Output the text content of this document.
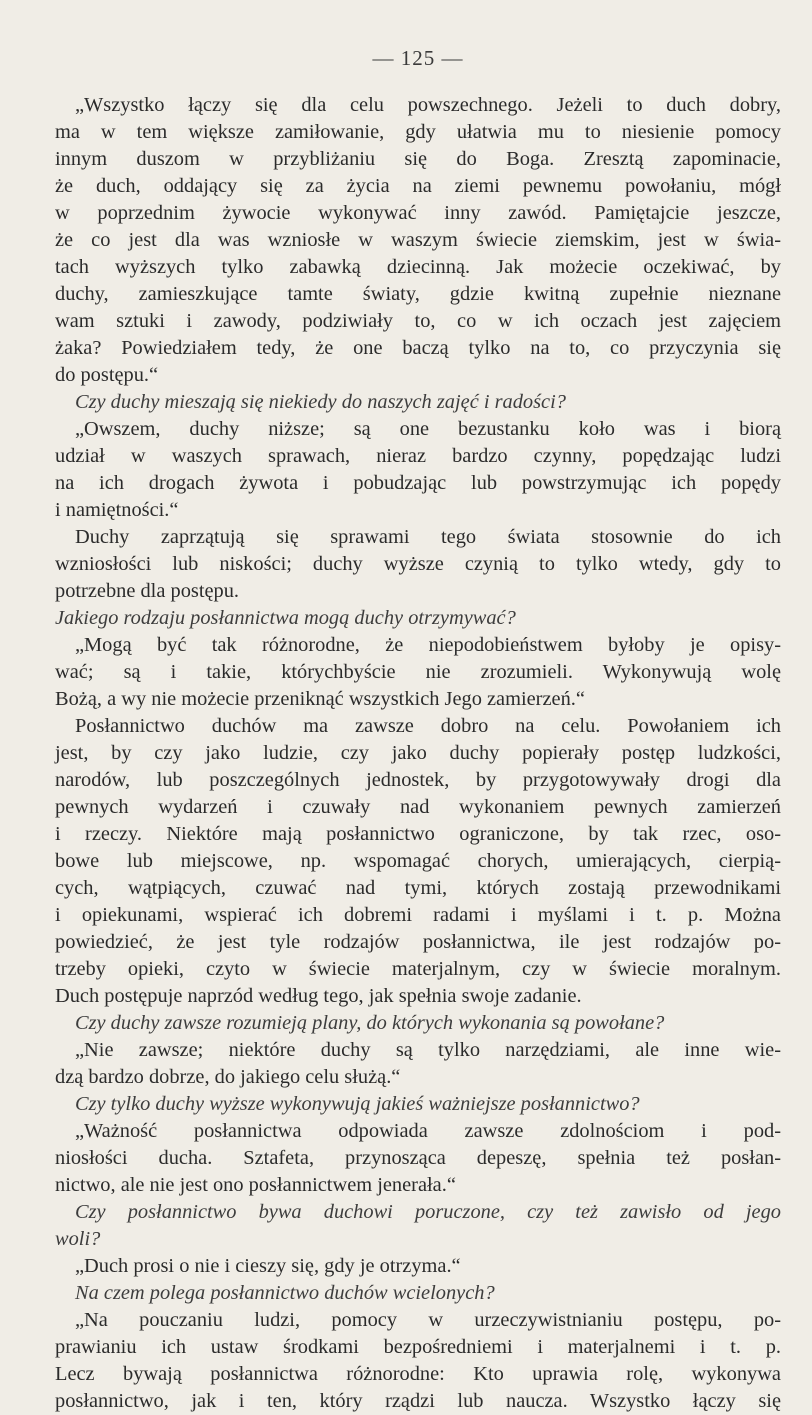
— 125 —
„Wszystko łączy się dla celu powszechnego. Jeżeli to duch dobry,
ma w tem większe zamiłowanie, gdy ułatwia mu to niesienie pomocy
innym duszom w przybliżaniu się do Boga. Zresztą zapominacie,
że duch, oddający się za życia na ziemi pewnemu powołaniu, mógł
w poprzednim żywocie wykonywać inny zawód. Pamiętajcie jeszcze,
że co jest dla was wzniosłe w waszym świecie ziemskim, jest w świa-
tach wyższych tylko zabawką dziecinną. Jak możecie oczekiwać, by
duchy, zamieszkujące tamte światy, gdzie kwitną zupełnie nieznane
wam sztuki i zawody, podziwiały to, co w ich oczach jest zajęciem
żaka? Powiedziałem tedy, że one baczą tylko na to, co przyczynia się
do postępu.“
Czy duchy mieszają się niekiedy do naszych zajęć i radości?
„Owszem, duchy niższe; są one bezustanku koło was i biorą
udział w waszych sprawach, nieraz bardzo czynny, popędzając ludzi
na ich drogach żywota i pobudzając lub powstrzymując ich popędy
i namiętności.“
Duchy zaprzątują się sprawami tego świata stosownie do ich
wzniosłości lub niskości; duchy wyższe czynią to tylko wtedy, gdy to
potrzebne dla postępu.
Jakiego rodzaju posłannictwa mogą duchy otrzymywać?
„Mogą być tak różnorodne, że niepodobieństwem byłoby je opisy-
wać; są i takie, którychbyście nie zrozumieli. Wykonywują wolę
Bożą, a wy nie możecie przeniknąć wszystkich Jego zamierzeń.“
Posłannictwo duchów ma zawsze dobro na celu. Powołaniem ich
jest, by czy jako ludzie, czy jako duchy popierały postęp ludzkości,
narodów, lub poszczególnych jednostek, by przygotowywały drogi dla
pewnych wydarzeń i czuwały nad wykonaniem pewnych zamierzeń
i rzeczy. Niektóre mają posłannictwo ograniczone, by tak rzec, oso-
bowe lub miejscowe, np. wspomagać chorych, umierających, cierpią-
cych, wątpiących, czuwać nad tymi, których zostają przewodnikami
i opiekunami, wspierać ich dobremi radami i myślami i t. p. Można
powiedzieć, że jest tyle rodzajów posłannictwa, ile jest rodzajów po-
trzeby opieki, czyto w świecie materjalnym, czy w świecie moralnym.
Duch postępuje naprzód według tego, jak spełnia swoje zadanie.
Czy duchy zawsze rozumieją plany, do których wykonania są powołane?
„Nie zawsze; niektóre duchy są tylko narzędziami, ale inne wie-
dzą bardzo dobrze, do jakiego celu służą.“
Czy tylko duchy wyższe wykonywują jakieś ważniejsze posłannictwo?
„Ważność posłannictwa odpowiada zawsze zdolnościom i pod-
niosłości ducha. Sztafeta, przynosząca depeszę, spełnia też posłan-
nictwo, ale nie jest ono posłannictwem jenerała.“
Czy posłannictwo bywa duchowi poruczone, czy też zawisło od jego
woli?
„Duch prosi o nie i cieszy się, gdy je otrzyma.“
Na czem polega posłannictwo duchów wcielonych?
„Na pouczaniu ludzi, pomocy w urzeczywistnianiu postępu, po-
prawianiu ich ustaw środkami bezpośredniemi i materjalnemi i t. p.
Lecz bywają posłannictwa różnorodne: Kto uprawia rolę, wykonywa
posłannictwo, jak i ten, który rządzi lub naucza. Wszystko łączy się
